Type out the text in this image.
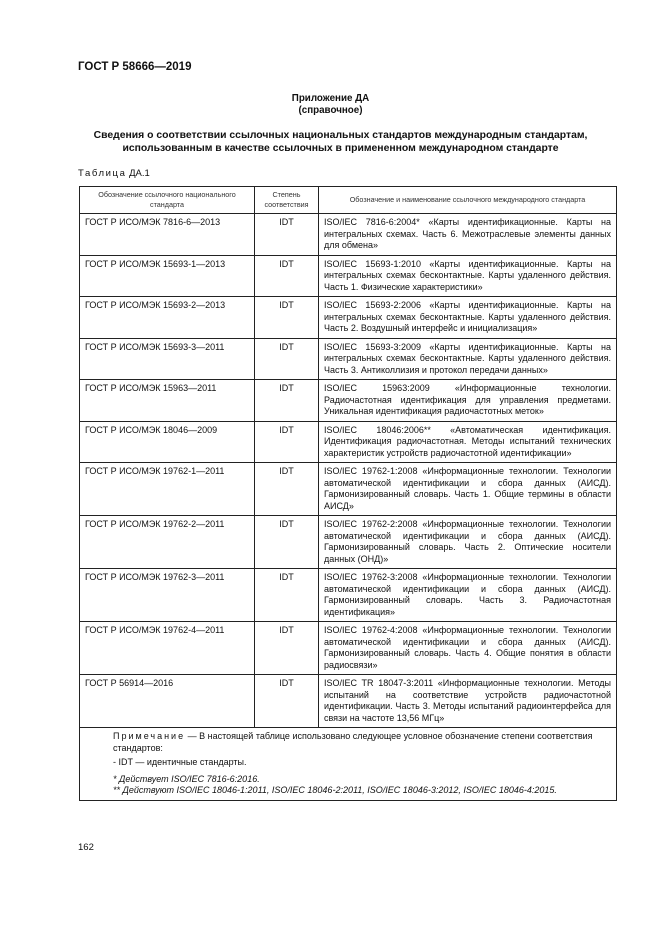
ГОСТ Р 58666—2019
Приложение ДА
(справочное)
Сведения о соответствии ссылочных национальных стандартов международным стандартам, использованным в качестве ссылочных в примененном международном стандарте
Таблица ДА.1
Обозначение ссылочного национального стандарта	Степень соответствия	Обозначение и наименование ссылочного международного стандарта
ГОСТ Р ИСО/МЭК 7816-6—2013	IDT	ISO/IEC 7816-6:2004* «Карты идентификационные. Карты на интегральных схемах. Часть 6. Межотраслевые элементы данных для обмена»
ГОСТ Р ИСО/МЭК 15693-1—2013	IDT	ISO/IEC 15693-1:2010 «Карты идентификационные. Карты на интегральных схемах бесконтактные. Карты удаленного действия. Часть 1. Физические характеристики»
ГОСТ Р ИСО/МЭК 15693-2—2013	IDT	ISO/IEC 15693-2:2006 «Карты идентификационные. Карты на интегральных схемах бесконтактные. Карты удаленного действия. Часть 2. Воздушный интерфейс и инициализация»
ГОСТ Р ИСО/МЭК 15693-3—2011	IDT	ISO/IEC 15693-3:2009 «Карты идентификационные. Карты на интегральных схемах бесконтактные. Карты удаленного действия. Часть 3. Антиколлизия и протокол передачи данных»
ГОСТ Р ИСО/МЭК 15963—2011	IDT	ISO/IEC 15963:2009 «Информационные технологии. Радиочастотная идентификация для управления предметами. Уникальная идентификация радиочастотных меток»
ГОСТ Р ИСО/МЭК 18046—2009	IDT	ISO/IEC 18046:2006** «Автоматическая идентификация. Идентификация радиочастотная. Методы испытаний технических характеристик устройств радиочастотной идентификации»
ГОСТ Р ИСО/МЭК 19762-1—2011	IDT	ISO/IEC 19762-1:2008 «Информационные технологии. Технологии автоматической идентификации и сбора данных (АИСД). Гармонизированный словарь. Часть 1. Общие термины в области АИСД»
ГОСТ Р ИСО/МЭК 19762-2—2011	IDT	ISO/IEC 19762-2:2008 «Информационные технологии. Технологии автоматической идентификации и сбора данных (АИСД). Гармонизированный словарь. Часть 2. Оптические носители данных (ОНД)»
ГОСТ Р ИСО/МЭК 19762-3—2011	IDT	ISO/IEC 19762-3:2008 «Информационные технологии. Технологии автоматической идентификации и сбора данных (АИСД). Гармонизированный словарь. Часть 3. Радиочастотная идентификация»
ГОСТ Р ИСО/МЭК 19762-4—2011	IDT	ISO/IEC 19762-4:2008 «Информационные технологии. Технологии автоматической идентификации и сбора данных (АИСД). Гармонизированный словарь. Часть 4. Общие понятия в области радиосвязи»
ГОСТ Р 56914—2016	IDT	ISO/IEC TR 18047-3:2011 «Информационные технологии. Методы испытаний на соответствие устройств радиочастотной идентификации. Часть 3. Методы испытаний радиоинтерфейса для связи на частоте 13,56 МГц»

Примечание — В настоящей таблице использовано следующее условное обозначение степени соответствия стандартов:
- IDT — идентичные стандарты.
* Действует ISO/IEC 7816-6:2016.
** Действуют ISO/IEC 18046-1:2011, ISO/IEC 18046-2:2011, ISO/IEC 18046-3:2012, ISO/IEC 18046-4:2015.		
162
